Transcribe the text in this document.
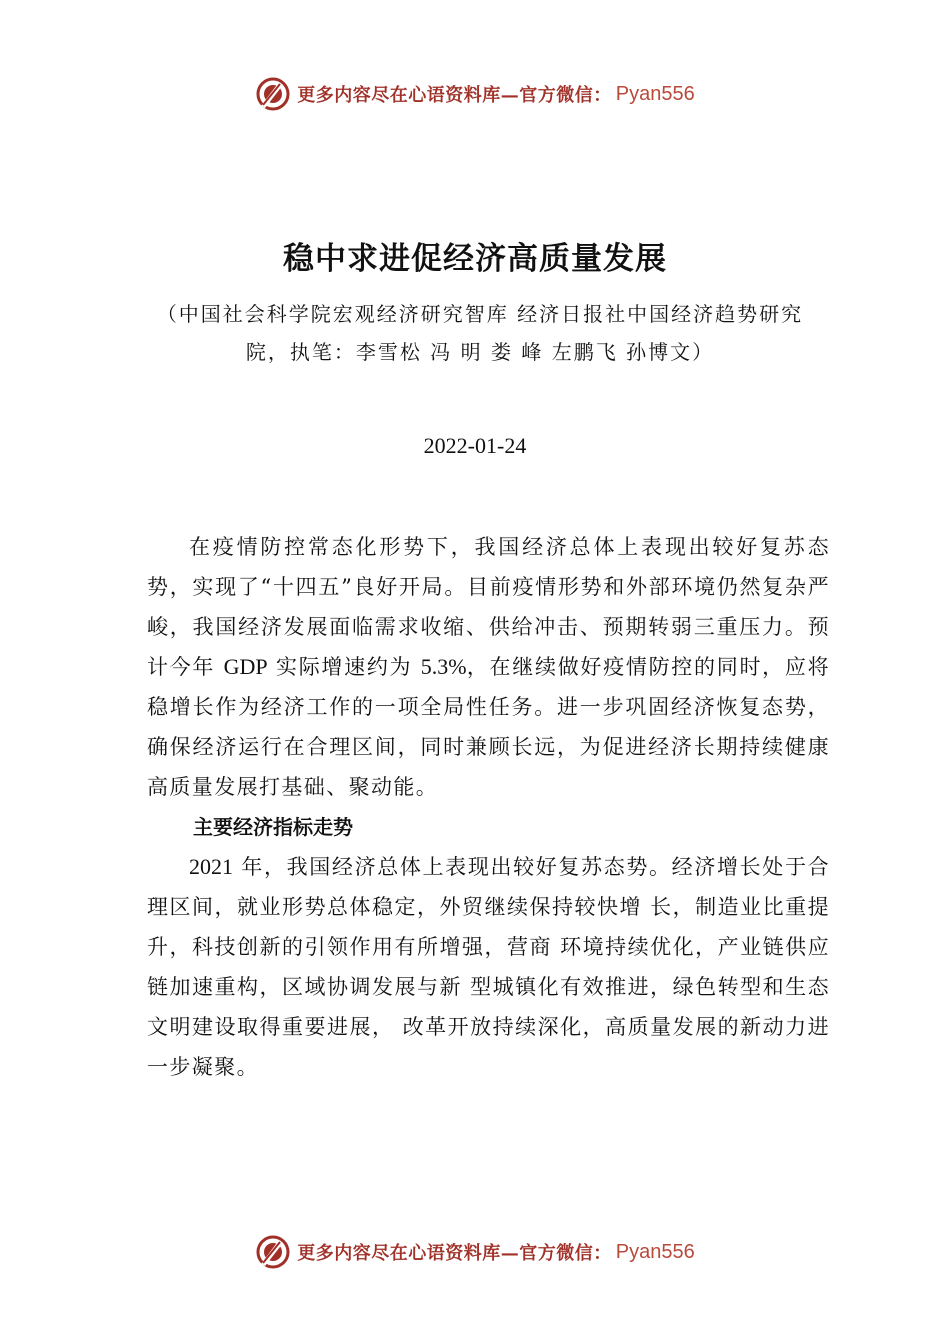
更多内容尽在心语资料库—官方微信： Pyan556
稳中求进促经济高质量发展
（中国社会科学院宏观经济研究智库 经济日报社中国经济趋势研究院，执笔：李雪松 冯 明 娄 峰 左鹏飞 孙博文）
2022-01-24

在疫情防控常态化形势下，我国经济总体上表现出较好复苏态势，实现了“十四五”良好开局。目前疫情形势和外部环境仍然复杂严峻，我国经济发展面临需求收缩、供给冲击、预期转弱三重压力。预计今年 GDP 实际增速约为 5.3%，在继续做好疫情防控的同时，应将稳增长作为经济工作的一项全局性任务。进一步巩固经济恢复态势，确保经济运行在合理区间，同时兼顾长远，为促进经济长期持续健康高质量发展打基础、聚动能。

主要经济指标走势

2021 年，我国经济总体上表现出较好复苏态势。经济增长处于合理区间，就业形势总体稳定，外贸继续保持较快增 长，制造业比重提升，科技创新的引领作用有所增强，营商 环境持续优化，产业链供应链加速重构，区域协调发展与新 型城镇化有效推进，绿色转型和生态文明建设取得重要进展， 改革开放持续深化，高质量发展的新动力进一步凝聚。

更多内容尽在心语资料库—官方微信： Pyan556
